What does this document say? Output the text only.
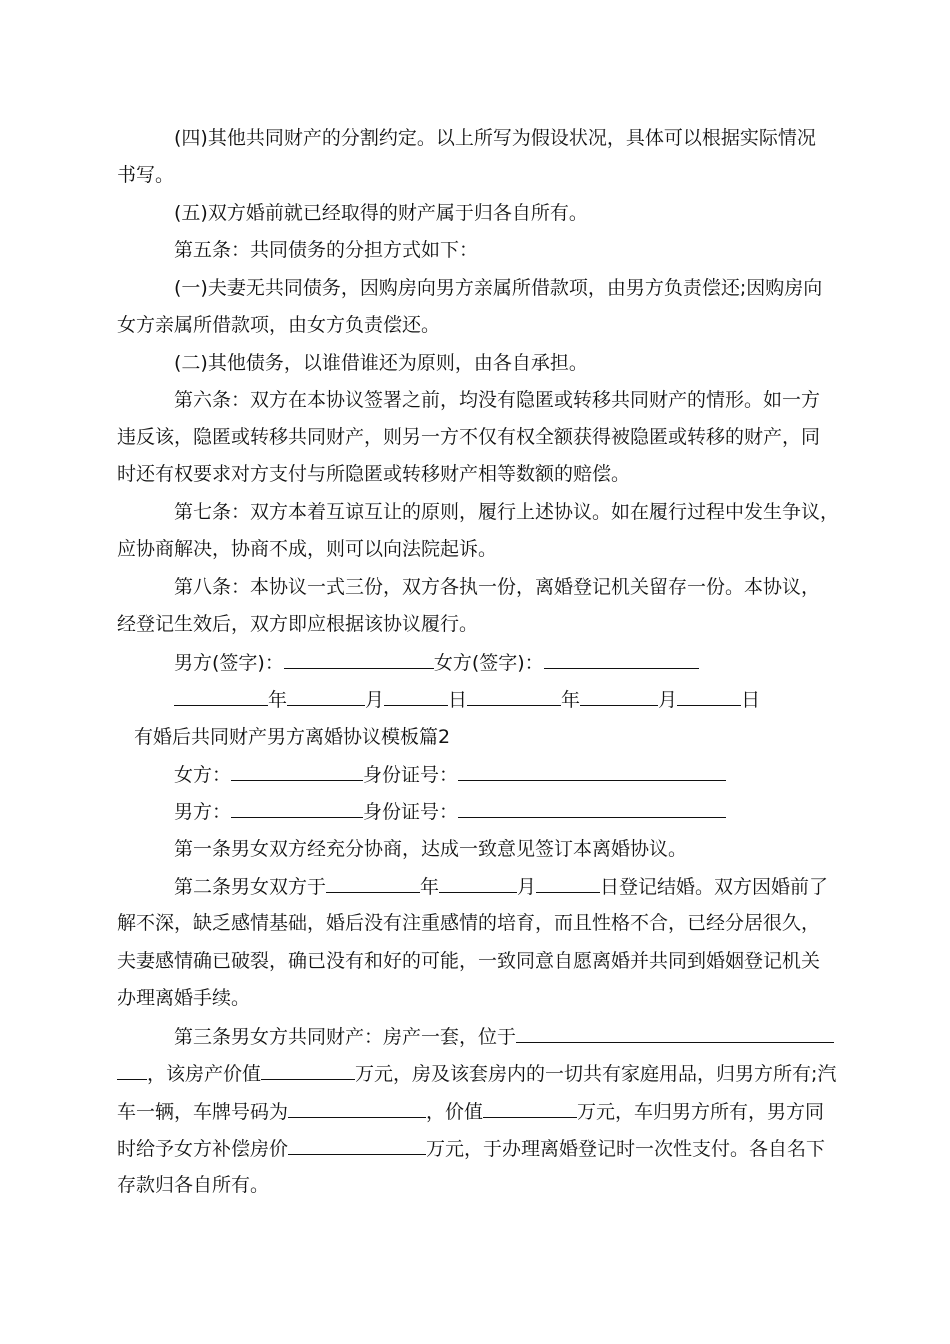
(四)其他共同财产的分割约定。以上所写为假设状况，具体可以根据实际情况
书写。
(五)双方婚前就已经取得的财产属于归各自所有。
第五条：共同债务的分担方式如下：
(一)夫妻无共同债务，因购房向男方亲属所借款项，由男方负责偿还;因购房向
女方亲属所借款项，由女方负责偿还。
(二)其他债务，以谁借谁还为原则，由各自承担。
第六条：双方在本协议签署之前，均没有隐匿或转移共同财产的情形。如一方
违反该，隐匿或转移共同财产，则另一方不仅有权全额获得被隐匿或转移的财产，同
时还有权要求对方支付与所隐匿或转移财产相等数额的赔偿。
第七条：双方本着互谅互让的原则，履行上述协议。如在履行过程中发生争议，
应协商解决，协商不成，则可以向法院起诉。
第八条：本协议一式三份，双方各执一份，离婚登记机关留存一份。本协议，
经登记生效后，双方即应根据该协议履行。
男方(签字)：	女方(签字)：
年	月	日	年	月	日
有婚后共同财产男方离婚协议模板篇2
女方：	身份证号：
男方：	身份证号：
第一条男女双方经充分协商，达成一致意见签订本离婚协议。
第二条男女双方于	年	月	日登记结婚。双方因婚前了
解不深，缺乏感情基础，婚后没有注重感情的培育，而且性格不合，已经分居很久，
夫妻感情确已破裂，确已没有和好的可能，一致同意自愿离婚并共同到婚姻登记机关
办理离婚手续。
第三条男女方共同财产：房产一套，位于
，该房产价值	万元，房及该套房内的一切共有家庭用品，归男方所有;汽
车一辆，车牌号码为	，价值	万元，车归男方所有，男方同
时给予女方补偿房价	万元，于办理离婚登记时一次性支付。各自名下
存款归各自所有。
